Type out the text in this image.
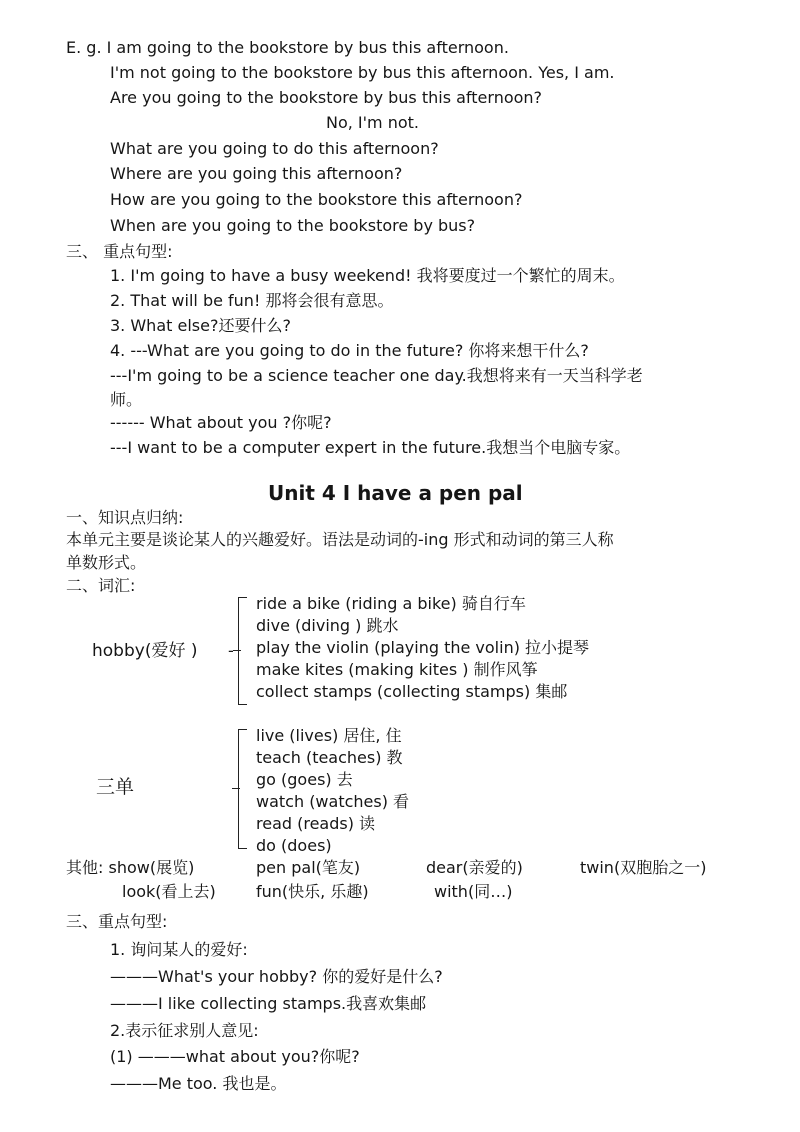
E. g. I am going to the bookstore by bus this afternoon.
I'm not going to the bookstore by bus this afternoon. Yes, I am.
Are you going to the bookstore by bus this afternoon?
No, I'm not.
What are you going to do this afternoon?
Where are you going this afternoon?
How are you going to the bookstore this afternoon?
When are you going to the bookstore by bus?
三、 重点句型:
1. I'm going to have a busy weekend! 我将要度过一个繁忙的周末。
2. That will be fun! 那将会很有意思。
3. What else?还要什么?
4. ---What are you going to do in the future? 你将来想干什么?
---I'm going to be a science teacher one day.我想将来有一天当科学老
师。
------ What about you ?你呢?
---I want to be a computer expert in the future.我想当个电脑专家。
Unit 4 I have a pen pal
一、知识点归纳:
本单元主要是谈论某人的兴趣爱好。语法是动词的-ing 形式和动词的第三人称
单数形式。
二、词汇:
hobby(爱好 ) -
ride a bike (riding a bike) 骑自行车
dive (diving ) 跳水
play the violin (playing the volin) 拉小提琴
make kites (making kites ) 制作风筝
collect stamps (collecting stamps) 集邮
三单
live (lives) 居住, 住
teach (teaches) 教
go (goes) 去
watch (watches) 看
read (reads) 读
do (does)
其他: show(展览)	pen pal(笔友)	dear(亲爱的)	twin(双胞胎之一)
look(看上去)	fun(快乐, 乐趣)	with(同…)
三、重点句型:
1. 询问某人的爱好:
———What's your hobby? 你的爱好是什么?
———I like collecting stamps.我喜欢集邮
2.表示征求别人意见:
(1) ———what about you?你呢?
———Me too. 我也是。
